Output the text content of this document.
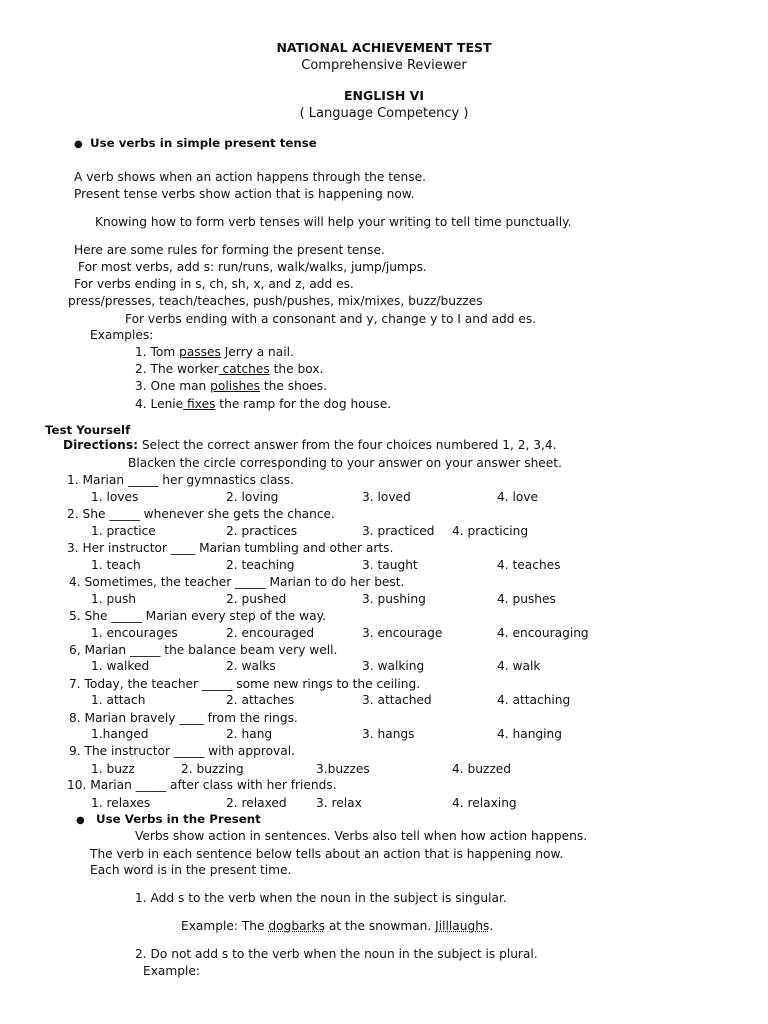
NATIONAL ACHIEVEMENT TEST
Comprehensive Reviewer
ENGLISH VI
( Language Competency )
● Use verbs in simple present tense
A verb shows when an action happens through the tense.
Present tense verbs show action that is happening now.
Knowing how to form verb tenses will help your writing to tell time punctually.
Here are some rules for forming the present tense.
For most verbs, add s: run/runs, walk/walks, jump/jumps.
For verbs ending in s, ch, sh, x, and z, add es.
press/presses, teach/teaches, push/pushes, mix/mixes, buzz/buzzes
For verbs ending with a consonant and y, change y to I and add es.
Examples:
1. Tom passes Jerry a nail.
2. The worker catches the box.
3. One man polishes the shoes.
4. Lenie fixes the ramp for the dog house.
Test Yourself
Directions: Select the correct answer from the four choices numbered 1, 2, 3,4.
Blacken the circle corresponding to your answer on your answer sheet.
1. Marian _____ her gymnastics class.
1. loves	2. loving	3. loved	4. love
2. She _____ whenever she gets the chance.
1. practice	2. practices	3. practiced 4. practicing
3. Her instructor ____ Marian tumbling and other arts.
1. teach	2. teaching	3. taught	4. teaches
4. Sometimes, the teacher _____ Marian to do her best.
1. push	2. pushed	3. pushing	4. pushes
5. She _____ Marian every step of the way.
1. encourages	2. encouraged	3. encourage	4. encouraging
6, Marian _____ the balance beam very well.
1. walked	2. walks	3. walking	4. walk
7. Today, the teacher _____ some new rings to the ceiling.
1. attach	2. attaches	3. attached	4. attaching
8. Marian bravely ____ from the rings.
1.hanged	2. hang	3. hangs	4. hanging
9. The instructor _____ with approval.
1. buzz	2. buzzing	3.buzzes	4. buzzed
10. Marian _____ after class with her friends.
1. relaxes	2. relaxed 3. relax	4. relaxing
● Use Verbs in the Present
Verbs show action in sentences. Verbs also tell when how action happens.
The verb in each sentence below tells about an action that is happening now.
Each word is in the present time.
1. Add s to the verb when the noun in the subject is singular.
Example: The dogbarks at the snowman. Jilllaughs.
2. Do not add s to the verb when the noun in the subject is plural.
Example:
